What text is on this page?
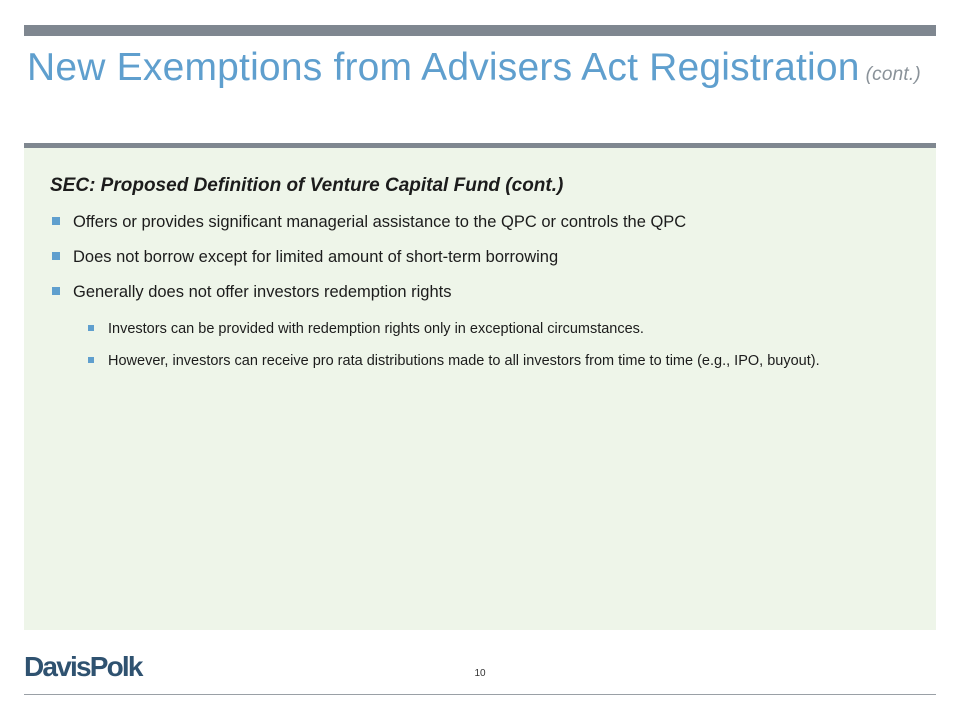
New Exemptions from Advisers Act Registration (cont.)
SEC: Proposed Definition of Venture Capital Fund (cont.)
Offers or provides significant managerial assistance to the QPC or controls the QPC
Does not borrow except for limited amount of short-term borrowing
Generally does not offer investors redemption rights
Investors can be provided with redemption rights only in exceptional circumstances.
However, investors can receive pro rata distributions made to all investors from time to time (e.g., IPO, buyout).
DavisPolk	10
